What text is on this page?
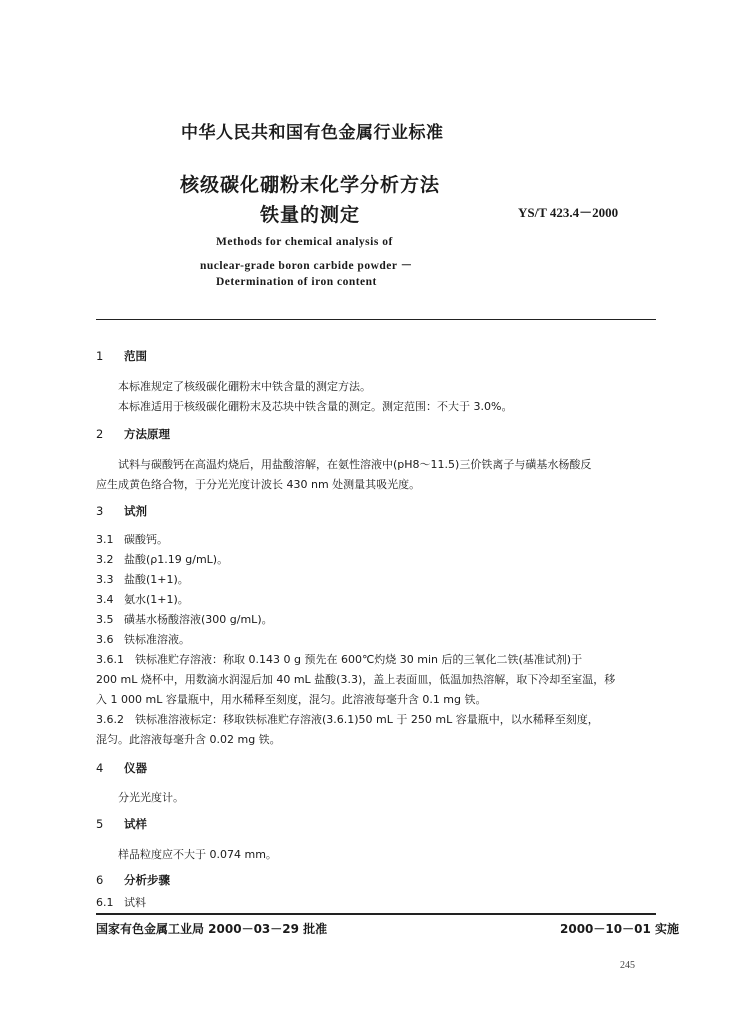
中华人民共和国有色金属行业标准
核级碳化硼粉末化学分析方法
铁量的测定	YS/T 423.4－2000
Methods for chemical analysis of
nuclear-grade boron carbide powder －
Determination of iron content
1 范围
本标准规定了核级碳化硼粉末中铁含量的测定方法。
本标准适用于核级碳化硼粉末及芯块中铁含量的测定。测定范围：不大于 3.0%。
2 方法原理
试料与碳酸钙在高温灼烧后，用盐酸溶解，在氨性溶液中(pH8～11.5)三价铁离子与磺基水杨酸反
应生成黄色络合物，于分光光度计波长 430 nm 处测量其吸光度。
3 试剂
3.1 碳酸钙。
3.2 盐酸(ρ1.19 g/mL)。
3.3 盐酸(1+1)。
3.4 氨水(1+1)。
3.5 磺基水杨酸溶液(300 g/mL)。
3.6 铁标准溶液。
3.6.1　铁标准贮存溶液：称取 0.143 0 g 预先在 600℃灼烧 30 min 后的三氧化二铁(基准试剂)于
200 mL 烧杯中，用数滴水润湿后加 40 mL 盐酸(3.3)，盖上表面皿，低温加热溶解，取下冷却至室温，移
入 1 000 mL 容量瓶中，用水稀释至刻度，混匀。此溶液每毫升含 0.1 mg 铁。
3.6.2　铁标准溶液标定：移取铁标准贮存溶液(3.6.1)50 mL 于 250 mL 容量瓶中，以水稀释至刻度，
混匀。此溶液每毫升含 0.02 mg 铁。
4 仪器
分光光度计。
5 试样
样品粒度应不大于 0.074 mm。
6 分析步骤
6.1 试料
国家有色金属工业局 2000－03－29 批准	2000－10－01 实施
245
